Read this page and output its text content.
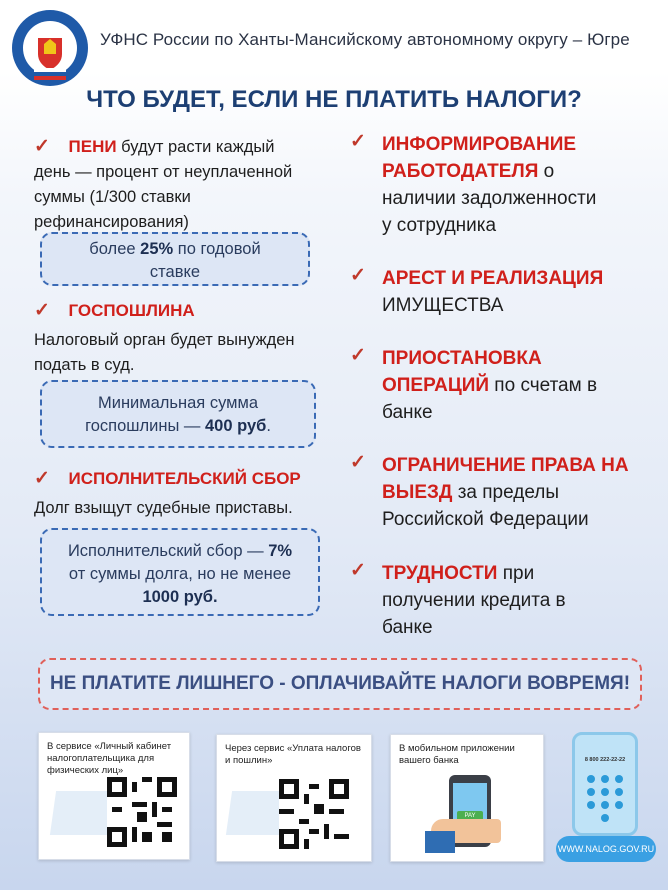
УФНС России по Ханты-Мансийскому автономному округу – Югре
ЧТО БУДЕТ, ЕСЛИ НЕ ПЛАТИТЬ НАЛОГИ?
✓ ПЕНИ будут расти каждый
день — процент от неуплаченной
суммы (1/300 ставки
рефинансирования)
более 25% по годовой
ставке
✓ ГОСПОШЛИНА
Налоговый орган будет вынужден
подать в суд.
Минимальная сумма
госпошлины — 400 руб.
✓ ИСПОЛНИТЕЛЬСКИЙ СБОР
Долг взыщут судебные приставы.
Исполнительский сбор — 7%
от суммы долга, но не менее
1000 руб.
✓ ИНФОРМИРОВАНИЕ
РАБОТОДАТЕЛЯ о
наличии задолженности
у сотрудника
✓ АРЕСТ И РЕАЛИЗАЦИЯ
ИМУЩЕСТВА
✓ ПРИОСТАНОВКА
ОПЕРАЦИЙ по счетам в
банке
✓ ОГРАНИЧЕНИЕ ПРАВА НА
ВЫЕЗД за пределы
Российской Федерации
✓ ТРУДНОСТИ при
получении кредита в
банке
НЕ ПЛАТИТЕ ЛИШНЕГО - ОПЛАЧИВАЙТЕ НАЛОГИ ВОВРЕМЯ!
В сервисе «Личный кабинет налогоплательщика для физических лиц»
Через сервис «Уплата налогов и пошлин»
В мобильном приложении вашего банка
PAY
8 800 222-22-22
WWW.NALOG.GOV.RU
